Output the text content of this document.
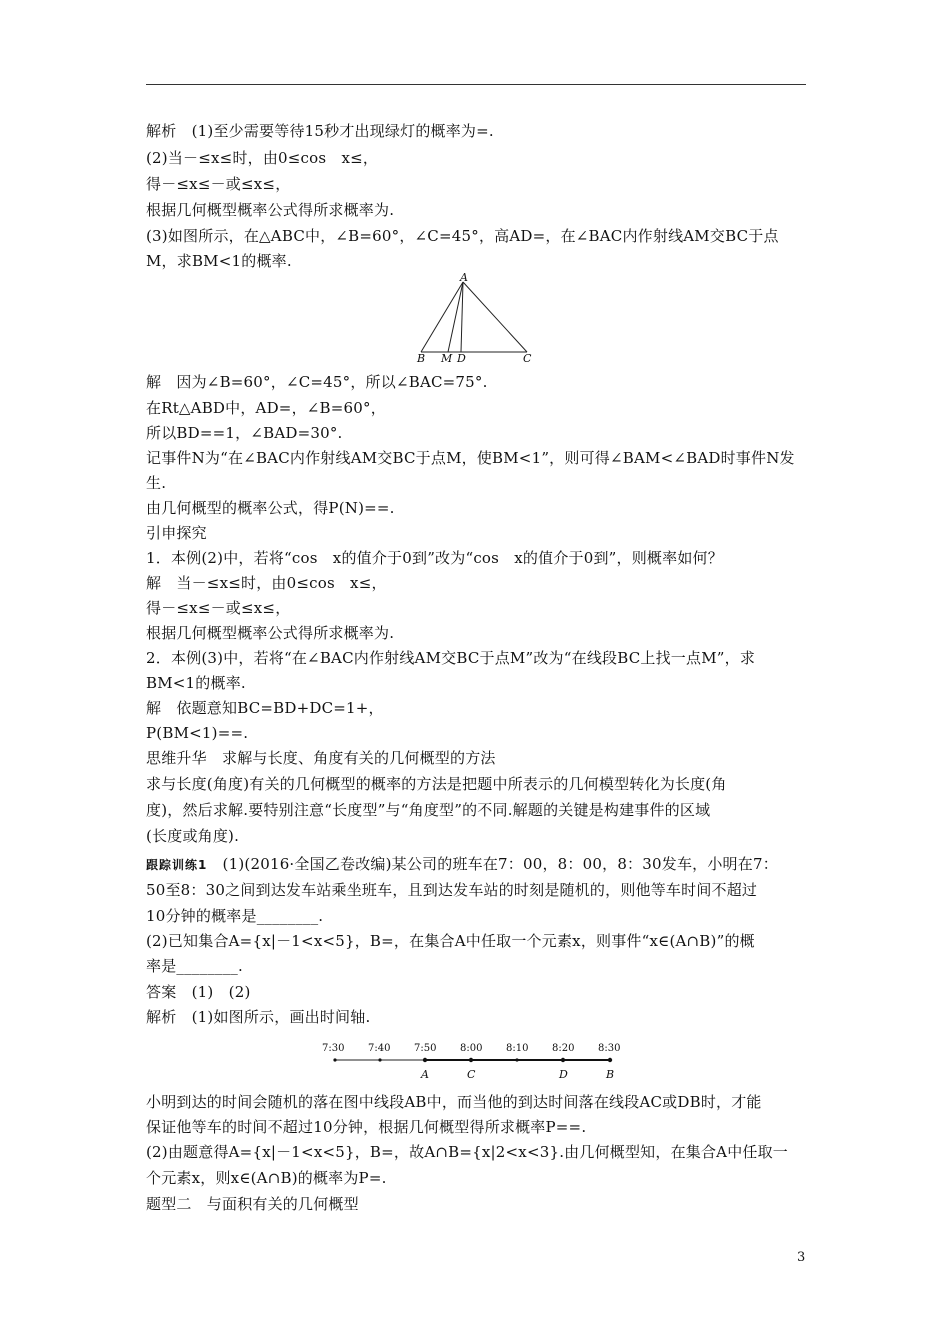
解析　(1)至少需要等待15秒才出现绿灯的概率为=.
(2)当－≤x≤时，由0≤cos　x≤，
得－≤x≤－或≤x≤，
根据几何概型概率公式得所求概率为.
(3)如图所示，在△ABC中，∠B=60°，∠C=45°，高AD=，在∠BAC内作射线AM交BC于点
M，求BM<1的概率.
A
B M D	C
解　因为∠B=60°，∠C=45°，所以∠BAC=75°.
在Rt△ABD中，AD=，∠B=60°，
所以BD==1，∠BAD=30°.
记事件N为“在∠BAC内作射线AM交BC于点M，使BM<1”，则可得∠BAM<∠BAD时事件N发
生.
由几何概型的概率公式，得P(N)==.
引申探究
1．本例(2)中，若将“cos　x的值介于0到”改为“cos　x的值介于0到”，则概率如何？
解　当－≤x≤时，由0≤cos　x≤，
得－≤x≤－或≤x≤，
根据几何概型概率公式得所求概率为.
2．本例(3)中，若将“在∠BAC内作射线AM交BC于点M”改为“在线段BC上找一点M”，求
BM<1的概率.
解　依题意知BC=BD+DC=1+，
P(BM<1)==.
思维升华　求解与长度、角度有关的几何概型的方法
求与长度(角度)有关的几何概型的概率的方法是把题中所表示的几何模型转化为长度(角
度)，然后求解.要特别注意“长度型”与“角度型”的不同.解题的关键是构建事件的区域
(长度或角度).
跟踪训练1　(1)(2016·全国乙卷改编)某公司的班车在7：00，8：00，8：30发车，小明在7：
50至8：30之间到达发车站乘坐班车，且到达发车站的时刻是随机的，则他等车时间不超过
10分钟的概率是________.
(2)已知集合A={x|－1<x<5}，B=，在集合A中任取一个元素x，则事件“x∈(A∩B)”的概
率是________.
答案　(1)　(2)
解析　(1)如图所示，画出时间轴.
7:30 7:40 7:50 8:00 8:10 8:20 8:30
A	C	D	B
小明到达的时间会随机的落在图中线段AB中，而当他的到达时间落在线段AC或DB时，才能
保证他等车的时间不超过10分钟，根据几何概型得所求概率P==.
(2)由题意得A={x|－1<x<5}，B=，故A∩B={x|2<x<3}.由几何概型知，在集合A中任取一
个元素x，则x∈(A∩B)的概率为P=.
题型二　与面积有关的几何概型
3
